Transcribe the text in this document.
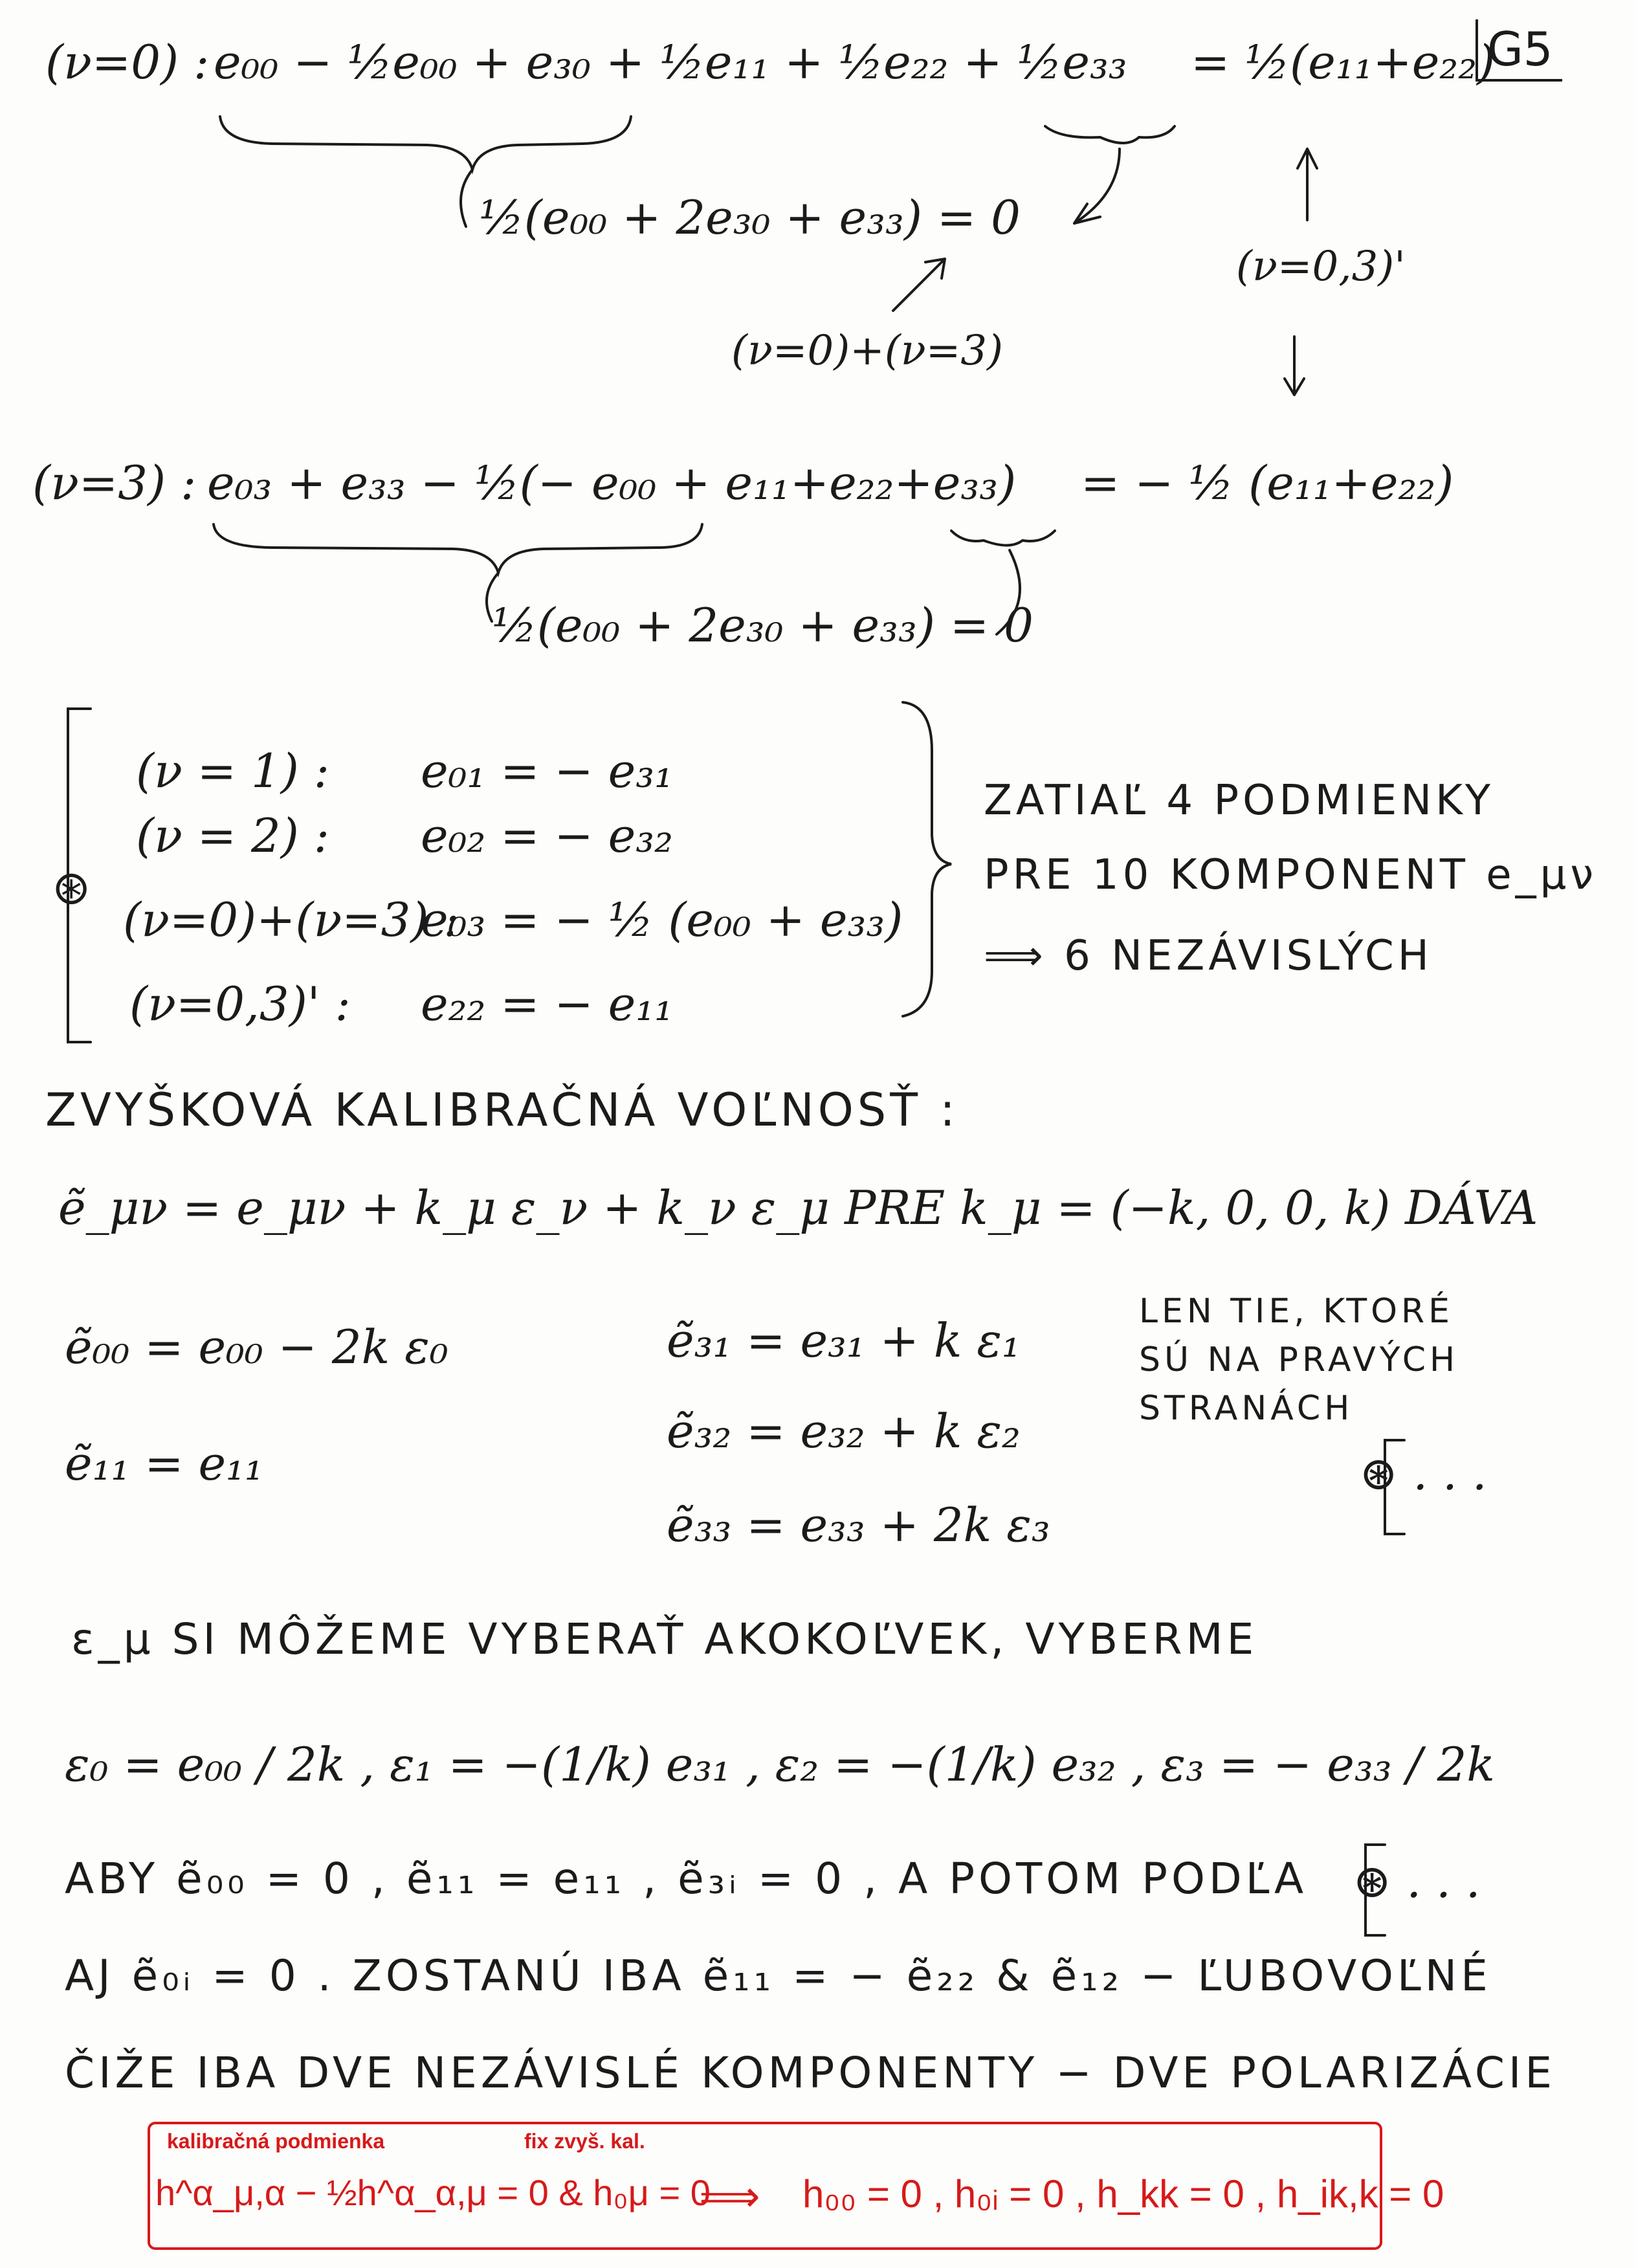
G5
(ν=0) : e₀₀ − ½e₀₀ + e₃₀ + ½e₁₁ + ½e₂₂ + ½e₃₃ = ½(e₁₁+e₂₂)
½(e₀₀ + 2e₃₀ + e₃₃) = 0
(ν=0,3)'
(ν=0)+(ν=3)
(ν=3) : e₀₃ + e₃₃ − ½(− e₀₀ + e₁₁+e₂₂+e₃₃) = − ½ (e₁₁+e₂₂)
½(e₀₀ + 2e₃₀ + e₃₃) = 0
⊛
(ν = 1) : e₀₁ = − e₃₁
(ν = 2) : e₀₂ = − e₃₂
(ν=0)+(ν=3) :
e₀₃ = − ½ (e₀₀ + e₃₃)
(ν=0,3)' : e₂₂ = − e₁₁
ZATIAĽ 4 PODMIENKY
PRE 10 KOMPONENT e_μν
⟹ 6 NEZÁVISLÝCH
ZVYŠKOVÁ KALIBRAČNÁ VOĽNOSŤ :
ẽ_μν = e_μν + k_μ ε_ν + k_ν ε_μ PRE k_μ = (−k, 0, 0, k) DÁVA
ẽ₀₀ = e₀₀ − 2k ε₀
ẽ₁₁ = e₁₁
ẽ₃₁ = e₃₁ + k ε₁
ẽ₃₂ = e₃₂ + k ε₂
ẽ₃₃ = e₃₃ + 2k ε₃
LEN TIE, KTORÉ
SÚ NA PRAVÝCH
STRANÁCH
⊛ . . .
ε_μ SI MÔŽEME VYBERAŤ AKOKOĽVEK, VYBERME
ε₀ = e₀₀ / 2k , ε₁ = −(1/k) e₃₁ , ε₂ = −(1/k) e₃₂ , ε₃ = − e₃₃ / 2k
ABY ẽ₀₀ = 0 , ẽ₁₁ = e₁₁ , ẽ₃ᵢ = 0 , A POTOM PODĽA ⊛ . . .
AJ ẽ₀ᵢ = 0 . ZOSTANÚ IBA ẽ₁₁ = − ẽ₂₂ & ẽ₁₂ − ĽUBOVOĽNÉ
ČIŽE IBA DVE NEZÁVISLÉ KOMPONENTY − DVE POLARIZÁCIE
kalibračná podmienka	fix zvyš. kal.
h^α_μ,α − ½h^α_α,μ = 0 & h₀μ = 0
⟹ h₀₀ = 0 , h₀ᵢ = 0 , h_kk = 0 , h_ik,k = 0
